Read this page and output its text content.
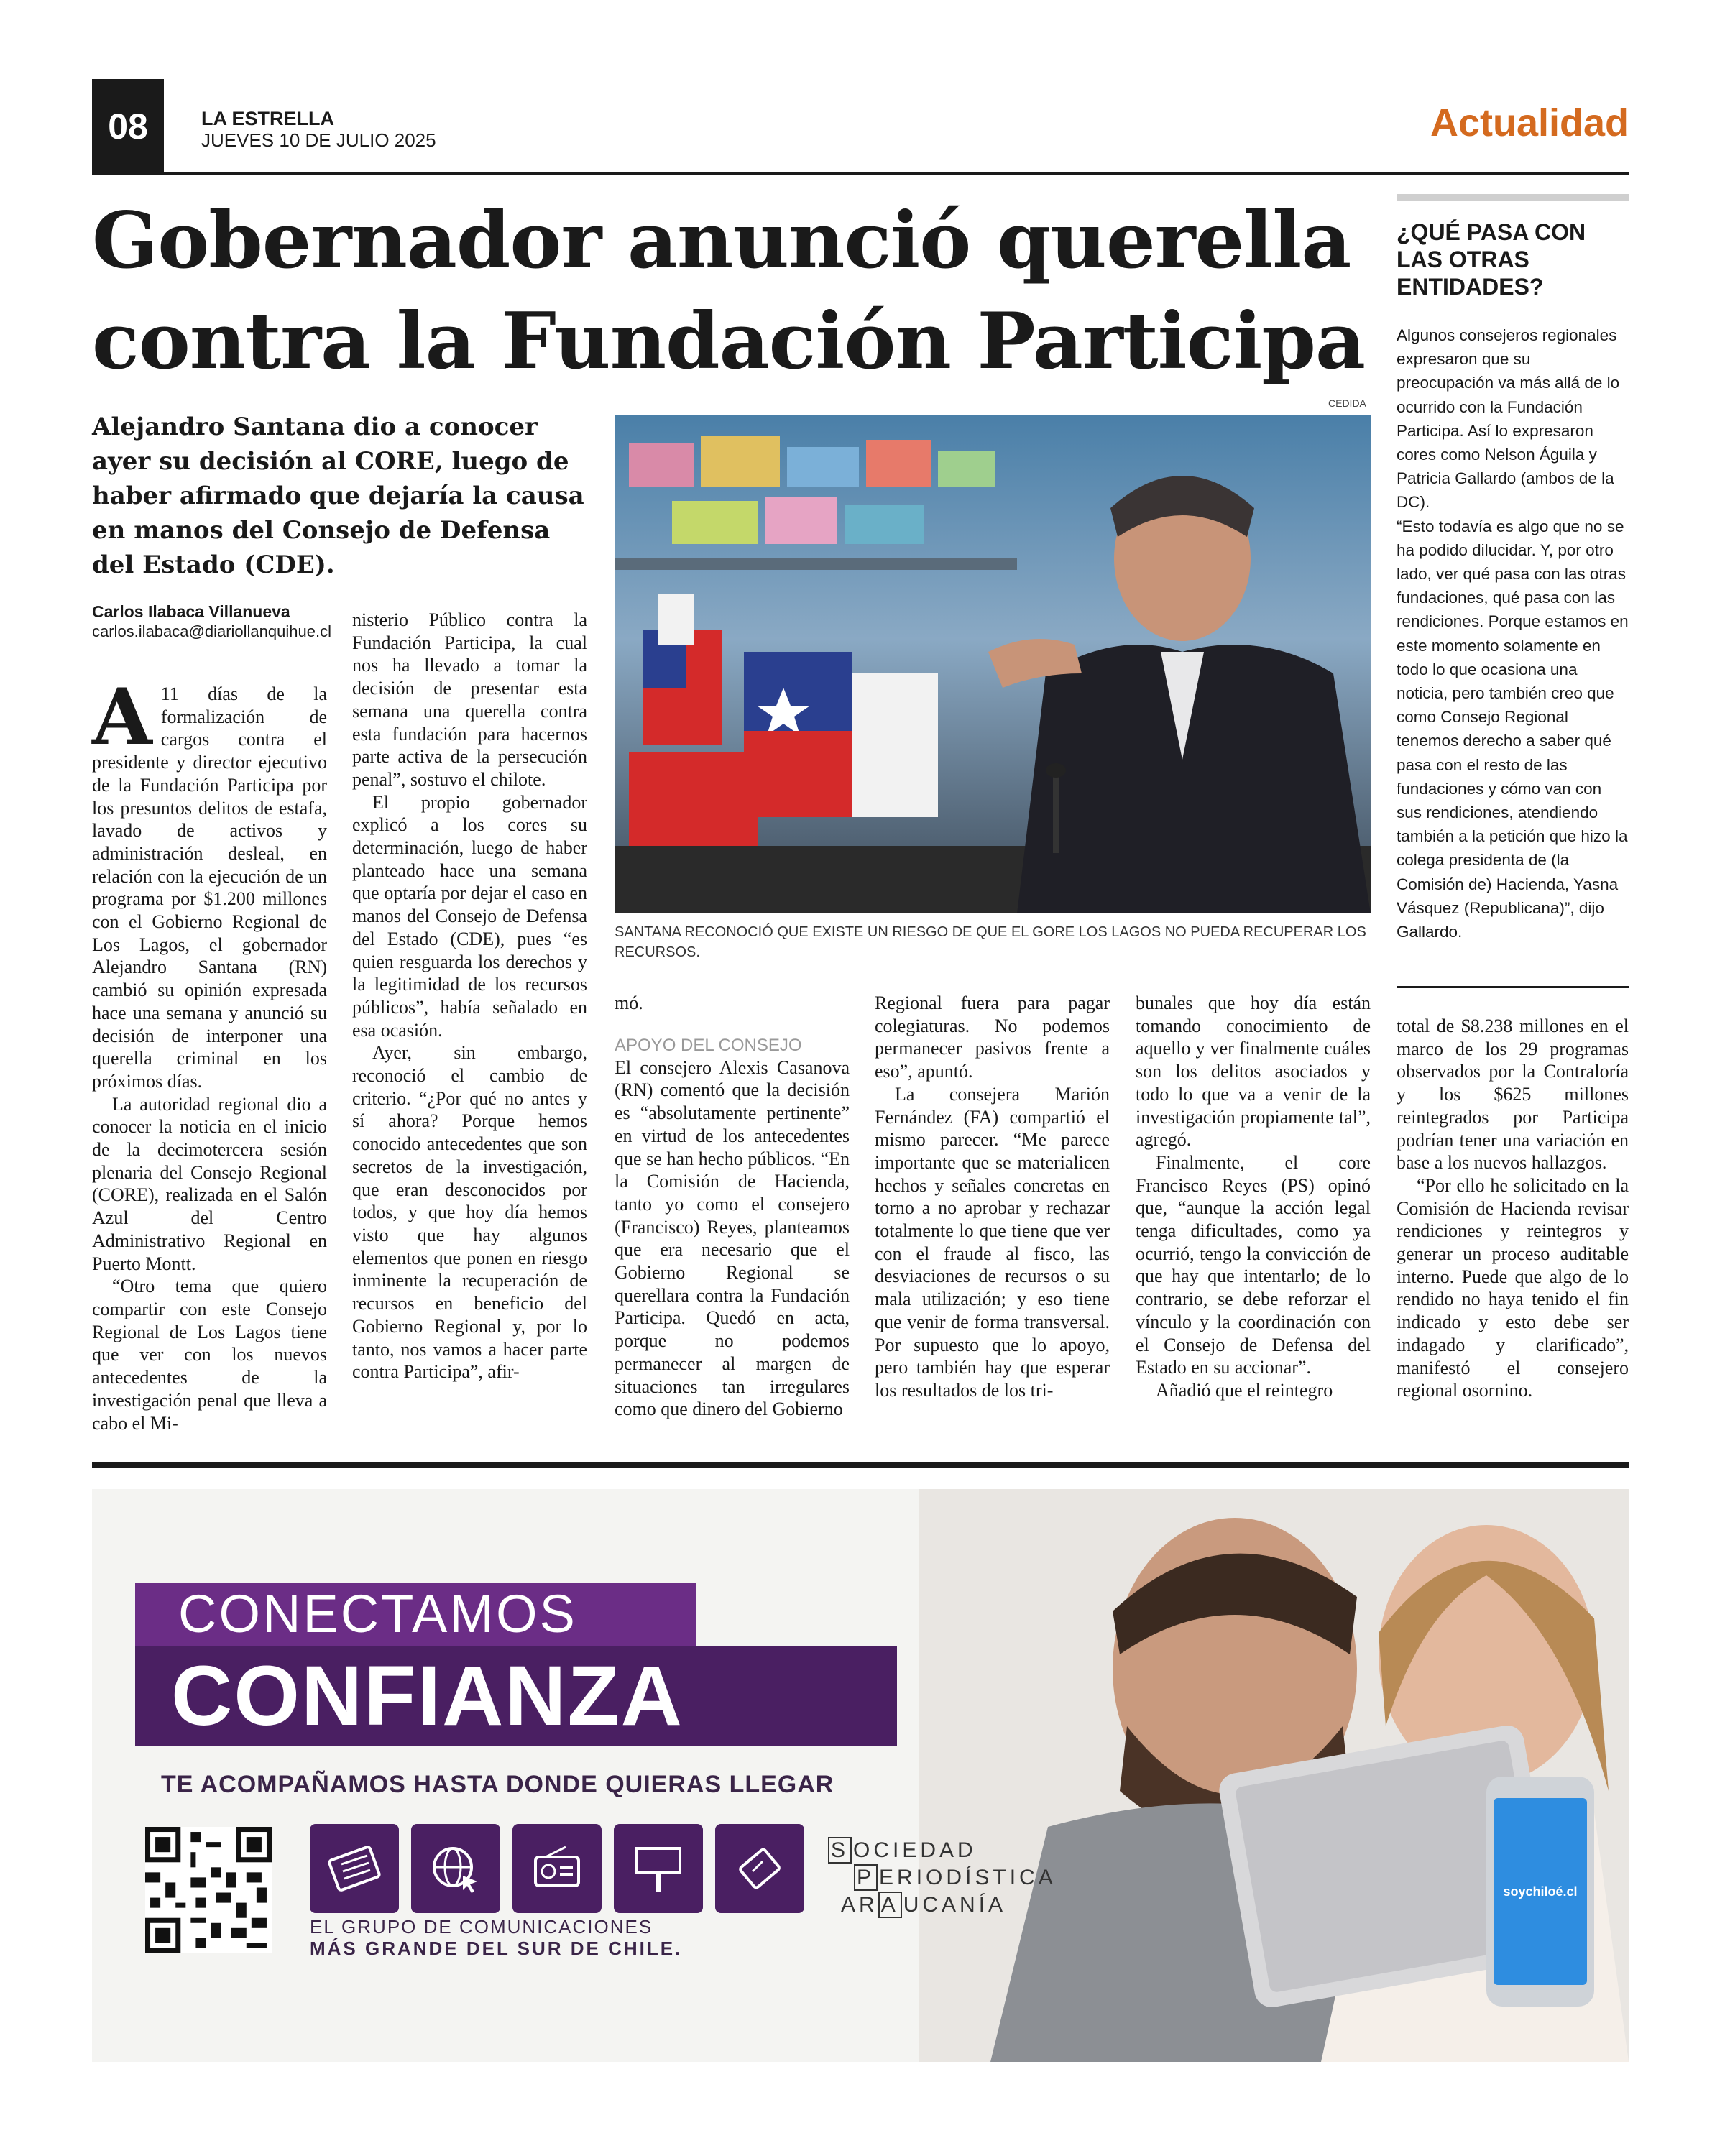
08	LA ESTRELLA
JUEVES 10 DE JULIO 2025	Actualidad
Gobernador anunció querella
contra la Fundación Participa
Alejandro Santana dio a conocer ayer su decisión al CORE, luego de haber afirmado que dejaría la causa en manos del Consejo de Defensa del Estado (CDE).
Carlos Ilabaca Villanueva
carlos.ilabaca@diariollanquihue.cl
CEDIDA
SANTANA RECONOCIÓ QUE EXISTE UN RIESGO DE QUE EL GORE LOS LAGOS NO PUEDA RECUPERAR LOS RECURSOS.
A 11 días de la formalización de cargos contra el presidente y director ejecutivo de la Fundación Participa por los presuntos delitos de estafa, lavado de activos y administración desleal, en relación con la ejecución de un programa por $1.200 millones con el Gobierno Regional de Los Lagos, el gobernador Alejandro Santana (RN) cambió su opinión expresada hace una semana y anunció su decisión de interponer una querella criminal en los próximos días.

La autoridad regional dio a conocer la noticia en el inicio de la decimotercera sesión plenaria del Consejo Regional (CORE), realizada en el Salón Azul del Centro Administrativo Regional en Puerto Montt.

“Otro tema que quiero compartir con este Consejo Regional de Los Lagos tiene que ver con los nuevos antecedentes de la investigación penal que lleva a cabo el Mi-

nisterio Público contra la Fundación Participa, la cual nos ha llevado a tomar la decisión de presentar esta semana una querella contra esta fundación para hacernos parte activa de la persecución penal”, sostuvo el chilote.

El propio gobernador explicó a los cores su determinación, luego de haber planteado hace una semana que optaría por dejar el caso en manos del Consejo de Defensa del Estado (CDE), pues “es quien resguarda los derechos y la legitimidad de los recursos públicos”, había señalado en esa ocasión.

Ayer, sin embargo, reconoció el cambio de criterio. “¿Por qué no antes y sí ahora? Porque hemos conocido antecedentes que son secretos de la investigación, que eran desconocidos por todos, y que hoy día hemos visto que hay algunos elementos que ponen en riesgo inminente la recuperación de recursos en beneficio del Gobierno Regional y, por lo tanto, nos vamos a hacer parte contra Participa”, afir-

mó.

APOYO DEL CONSEJO

El consejero Alexis Casanova (RN) comentó que la decisión es “absolutamente pertinente” en virtud de los antecedentes que se han hecho públicos. “En la Comisión de Hacienda, tanto yo como el consejero (Francisco) Reyes, planteamos que era necesario que el Gobierno Regional se querellara contra la Fundación Participa. Quedó en acta, porque no podemos permanecer al margen de situaciones tan irregulares como que dinero del Gobierno

Regional fuera para pagar colegiaturas. No podemos permanecer pasivos frente a eso”, apuntó.

La consejera Marión Fernández (FA) compartió el mismo parecer. “Me parece importante que se materialicen hechos y señales concretas en torno a no aprobar y rechazar totalmente lo que tiene que ver con el fraude al fisco, las desviaciones de recursos o su mala utilización; y eso tiene que venir de forma transversal. Por supuesto que lo apoyo, pero también hay que esperar los resultados de los tri-

bunales que hoy día están tomando conocimiento de aquello y ver finalmente cuáles son los delitos asociados y todo lo que va a venir de la investigación propiamente tal”, agregó.

Finalmente, el core Francisco Reyes (PS) opinó que, “aunque la acción legal tenga dificultades, como ya ocurrió, tengo la convicción de que hay que intentarlo; de lo contrario, se debe reforzar el vínculo y la coordinación con el Consejo de Defensa del Estado en su accionar”.

Añadió que el reintegro

total de $8.238 millones en el marco de los 29 programas observados por la Contraloría y los $625 millones reintegrados por Participa podrían tener una variación en base a los nuevos hallazgos.

“Por ello he solicitado en la Comisión de Hacienda revisar rendiciones y reintegros y generar un proceso auditable interno. Puede que algo de lo rendido no haya tenido el fin indicado y esto debe ser indagado y clarificado”, manifestó el consejero regional osornino.

¿QUÉ PASA CON LAS OTRAS ENTIDADES?

Algunos consejeros regionales expresaron que su preocupación va más allá de lo ocurrido con la Fundación Participa. Así lo expresaron cores como Nelson Águila y Patricia Gallardo (ambos de la DC).

“Esto todavía es algo que no se ha podido dilucidar. Y, por otro lado, ver qué pasa con las otras fundaciones, qué pasa con las rendiciones. Porque estamos en este momento solamente en todo lo que ocasiona una noticia, pero también creo que como Consejo Regional tenemos derecho a saber qué pasa con el resto de las fundaciones y cómo van con sus rendiciones, atendiendo también a la petición que hizo la colega presidenta de (la Comisión de) Hacienda, Yasna Vásquez (Republicana)”, dijo Gallardo.

soychiloé.cl
CONECTAMOS
CONFIANZA
TE ACOMPAÑAMOS HASTA DONDE QUIERAS LLEGAR
EL GRUPO DE COMUNICACIONES
MÁS GRANDE DEL SUR DE CHILE.
S OCIEDAD
P ERIODÍSTICA
AR A UCANÍA
